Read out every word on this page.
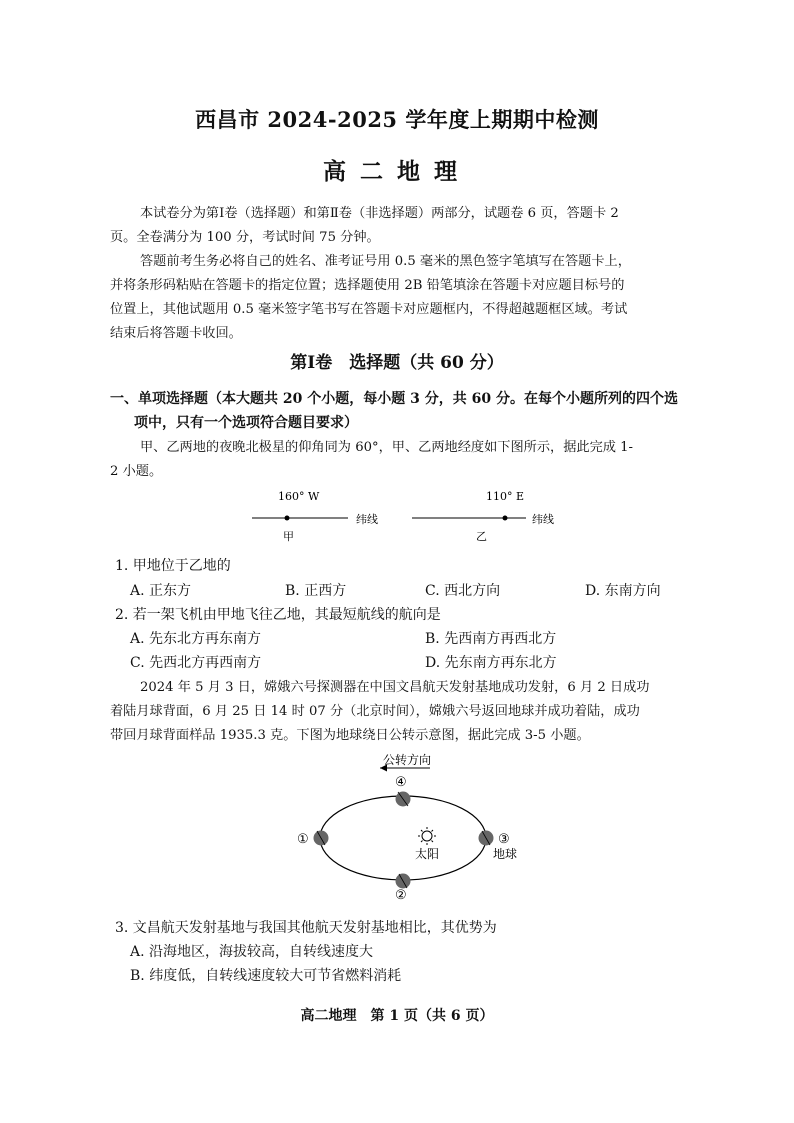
西昌市 2024-2025 学年度上期期中检测
高二地理
本试卷分为第Ⅰ卷（选择题）和第Ⅱ卷（非选择题）两部分，试题卷 6 页，答题卡 2
页。全卷满分为 100 分，考试时间 75 分钟。
答题前考生务必将自己的姓名、准考证号用 0.5 毫米的黑色签字笔填写在答题卡上，
并将条形码粘贴在答题卡的指定位置；选择题使用 2B 铅笔填涂在答题卡对应题目标号的
位置上，其他试题用 0.5 毫米签字笔书写在答题卡对应题框内，不得超越题框区域。考试
结束后将答题卡收回。
第Ⅰ卷　选择题（共 60 分）
一、单项选择题（本大题共 20 个小题，每小题 3 分，共 60 分。在每个小题所列的四个选
项中，只有一个选项符合题目要求）
甲、乙两地的夜晚北极星的仰角同为 60°，甲、乙两地经度如下图所示，据此完成 1-
2 小题。
160° W
纬线
甲
110° E
纬线
乙
1. 甲地位于乙地的
A. 正东方	B. 正西方	C. 西北方向	D. 东南方向
2. 若一架飞机由甲地飞往乙地，其最短航线的航向是
A. 先东北方再东南方	B. 先西南方再西北方
C. 先西北方再西南方	D. 先东南方再东北方
2024 年 5 月 3 日，嫦娥六号探测器在中国文昌航天发射基地成功发射，6 月 2 日成功
着陆月球背面，6 月 25 日 14 时 07 分（北京时间），嫦娥六号返回地球并成功着陆，成功
带回月球背面样品 1935.3 克。下图为地球绕日公转示意图，据此完成 3-5 小题。
公转方向
④
①	③
②
太阳	地球
3. 文昌航天发射基地与我国其他航天发射基地相比，其优势为
A. 沿海地区，海拔较高，自转线速度大
B. 纬度低，自转线速度较大可节省燃料消耗
高二地理　第 1 页（共 6 页）
